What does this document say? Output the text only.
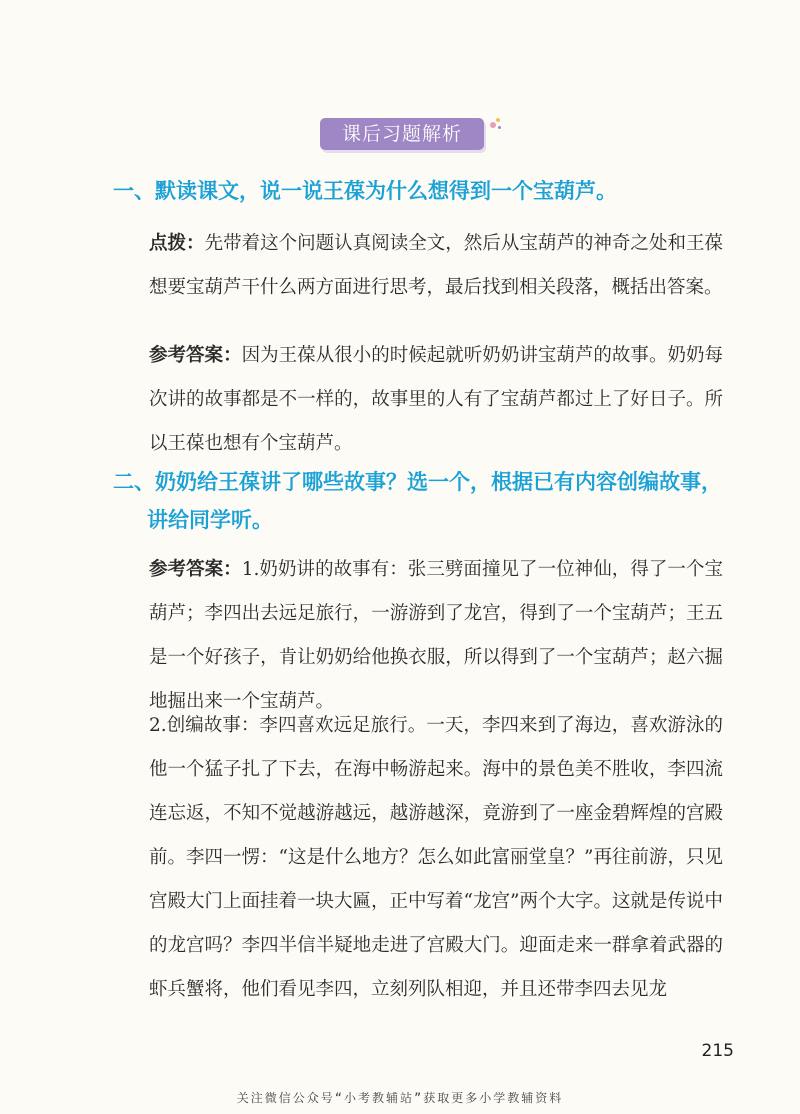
课后习题解析
一、默读课文，说一说王葆为什么想得到一个宝葫芦。

点拨：先带着这个问题认真阅读全文，然后从宝葫芦的神奇之处和王葆想要宝葫芦干什么两方面进行思考，最后找到相关段落，概括出答案。

参考答案：因为王葆从很小的时候起就听奶奶讲宝葫芦的故事。奶奶每次讲的故事都是不一样的，故事里的人有了宝葫芦都过上了好日子。所以王葆也想有个宝葫芦。

二、奶奶给王葆讲了哪些故事？选一个，根据已有内容创编故事，
讲给同学听。

参考答案：1.奶奶讲的故事有：张三劈面撞见了一位神仙，得了一个宝葫芦；李四出去远足旅行，一游游到了龙宫，得到了一个宝葫芦；王五是一个好孩子，肯让奶奶给他换衣服，所以得到了一个宝葫芦；赵六掘地掘出来一个宝葫芦。

2.创编故事：李四喜欢远足旅行。一天，李四来到了海边，喜欢游泳的他一个猛子扎了下去，在海中畅游起来。海中的景色美不胜收，李四流连忘返，不知不觉越游越远，越游越深，竟游到了一座金碧辉煌的宫殿前。李四一愣：“这是什么地方？怎么如此富丽堂皇？”再往前游，只见宫殿大门上面挂着一块大匾，正中写着“龙宫”两个大字。这就是传说中的龙宫吗？李四半信半疑地走进了宫殿大门。迎面走来一群拿着武器的虾兵蟹将，他们看见李四，立刻列队相迎，并且还带李四去见龙

215
关注微信公众号“小考教辅站”获取更多小学教辅资料
